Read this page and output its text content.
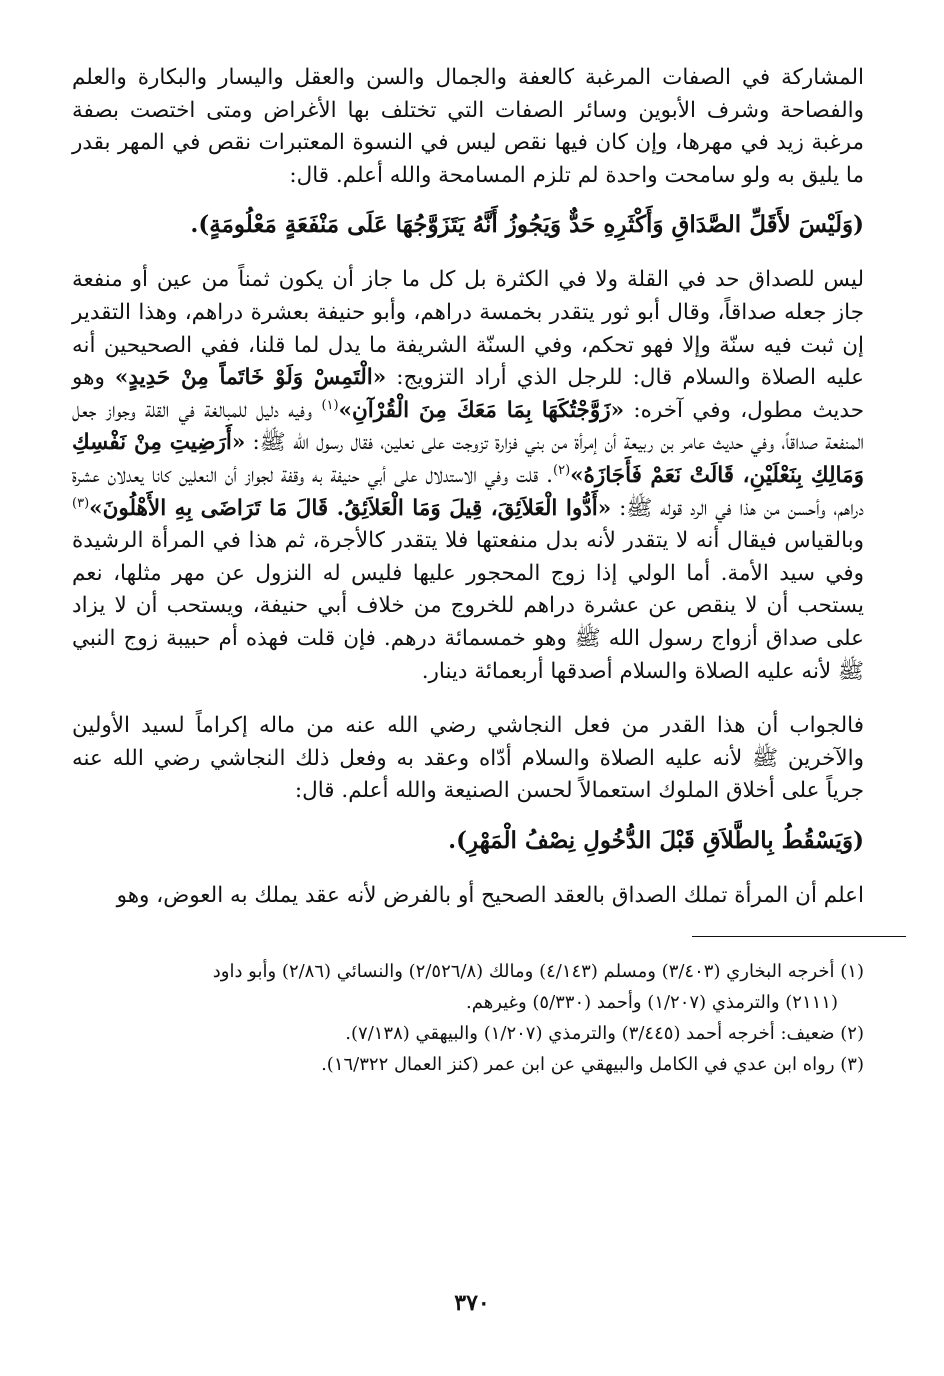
المشاركة في الصفات المرغبة كالعفة والجمال والسن والعقل واليسار والبكارة والعلم والفصاحة وشرف الأبوين وسائر الصفات التي تختلف بها الأغراض ومتى اختصت بصفة مرغبة زيد في مهرها، وإن كان فيها نقص ليس في النسوة المعتبرات نقص في المهر بقدر ما يليق به ولو سامحت واحدة لم تلزم المسامحة والله أعلم. قال:

(وَلَيْسَ لأَقَلِّ الصَّدَاقِ وَأَكْثَرِهِ حَدٌّ وَيَجُوزُ أَنَّهُ يَتَزَوَّجُهَا عَلَى مَنْفَعَةٍ مَعْلُومَةٍ).

ليس للصداق حد في القلة ولا في الكثرة بل كل ما جاز أن يكون ثمناً من عين أو منفعة جاز جعله صداقاً، وقال أبو ثور يتقدر بخمسة دراهم، وأبو حنيفة بعشرة دراهم، وهذا التقدير إن ثبت فيه سنّة وإلا فهو تحكم، وفي السنّة الشريفة ما يدل لما قلنا، ففي الصحيحين أنه عليه الصلاة والسلام قال: للرجل الذي أراد التزويج: «الْتَمِسْ وَلَوْ خَاتَماً مِنْ حَدِيدٍ» وهو حديث مطول، وفي آخره: «زَوَّجْتُكَهَا بِمَا مَعَكَ مِنَ الْقُرْآنِ»$^{(١)}$ وفيه دليل للمبالغة في القلة وجواز جعل المنفعة صداقاً، وفي حديث عامر بن ربيعة أن إمرأة من بني فزارة تزوجت على نعلين، فقال رسول الله ﷺ: «أَرَضِيتِ مِنْ نَفْسِكِ وَمَالِكِ بِنَعْلَيْنِ، قَالَتْ نَعَمْ فَأَجَازَهُ»$^{(٢)}$. قلت وفي الاستدلال على أبي حنيفة به وقفة لجواز أن النعلين كانا يعدلان عشرة دراهم، وأحسن من هذا في الرد قوله ﷺ: «أَدُّوا الْعَلاَئِقَ، قِيلَ وَمَا الْعَلاَئِقُ. قَالَ مَا تَرَاضَى بِهِ الأَهْلُونَ»$^{(٣)}$ وبالقياس فيقال أنه لا يتقدر لأنه بدل منفعتها فلا يتقدر كالأجرة، ثم هذا في المرأة الرشيدة وفي سيد الأمة. أما الولي إذا زوج المحجور عليها فليس له النزول عن مهر مثلها، نعم يستحب أن لا ينقص عن عشرة دراهم للخروج من خلاف أبي حنيفة، ويستحب أن لا يزاد على صداق أزواج رسول الله ﷺ وهو خمسمائة درهم. فإن قلت فهذه أم حبيبة زوج النبي ﷺ لأنه عليه الصلاة والسلام أصدقها أربعمائة دينار.

فالجواب أن هذا القدر من فعل النجاشي رضي الله عنه من ماله إكراماً لسيد الأولين والآخرين ﷺ لأنه عليه الصلاة والسلام أدّاه وعقد به وفعل ذلك النجاشي رضي الله عنه جرياً على أخلاق الملوك استعمالاً لحسن الصنيعة والله أعلم. قال:

(وَيَسْقُطُ بِالطَّلاَقِ قَبْلَ الدُّخُولِ نِصْفُ الْمَهْرِ).

اعلم أن المرأة تملك الصداق بالعقد الصحيح أو بالفرض لأنه عقد يملك به العوض، وهو

(١) أخرجه البخاري (٣/٤٠٣) ومسلم (٤/١٤٣) ومالك (٢/٥٢٦/٨) والنسائي (٢/٨٦) وأبو داود

(٢١١١) والترمذي (١/٢٠٧) وأحمد (٥/٣٣٠) وغيرهم.

(٢) ضعيف: أخرجه أحمد (٣/٤٤٥) والترمذي (١/٢٠٧) والبيهقي (٧/١٣٨).

(٣) رواه ابن عدي في الكامل والبيهقي عن ابن عمر (كنز العمال ١٦/٣٢٢).

٣٧٠
